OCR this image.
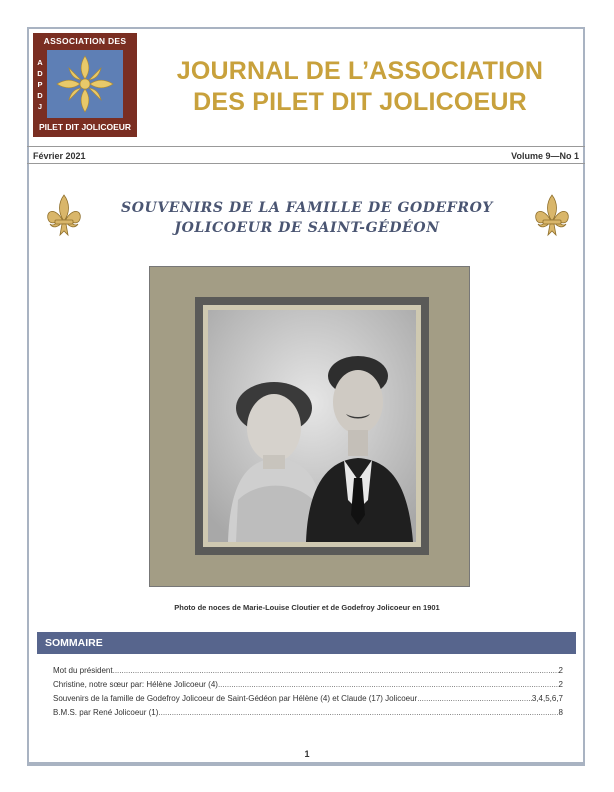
ASSOCIATION DES
A D P D J	BEAUCEVILLE 2011
PILET DIT JOLICOEUR
JOURNAL DE L’ASSOCIATION
DES PILET DIT JOLICOEUR
Février 2021	Volume 9—No 1
SOUVENIRS DE LA FAMILLE DE GODEFROY
JOLICOEUR DE SAINT-GÉDÉON
Photo de noces de Marie-Louise Cloutier et de Godefroy Jolicoeur en 1901
SOMMAIRE
Mot du président .....	2
Christine, notre sœur par: Hélène Jolicoeur (4) .....	2
Souvenirs de la famille de Godefroy Jolicoeur de Saint-Gédéon par Hélène (4) et Claude (17) Jolicoeur .....	3,4,5,6,7
B.M.S. par René Jolicoeur (1) .....	8
1
